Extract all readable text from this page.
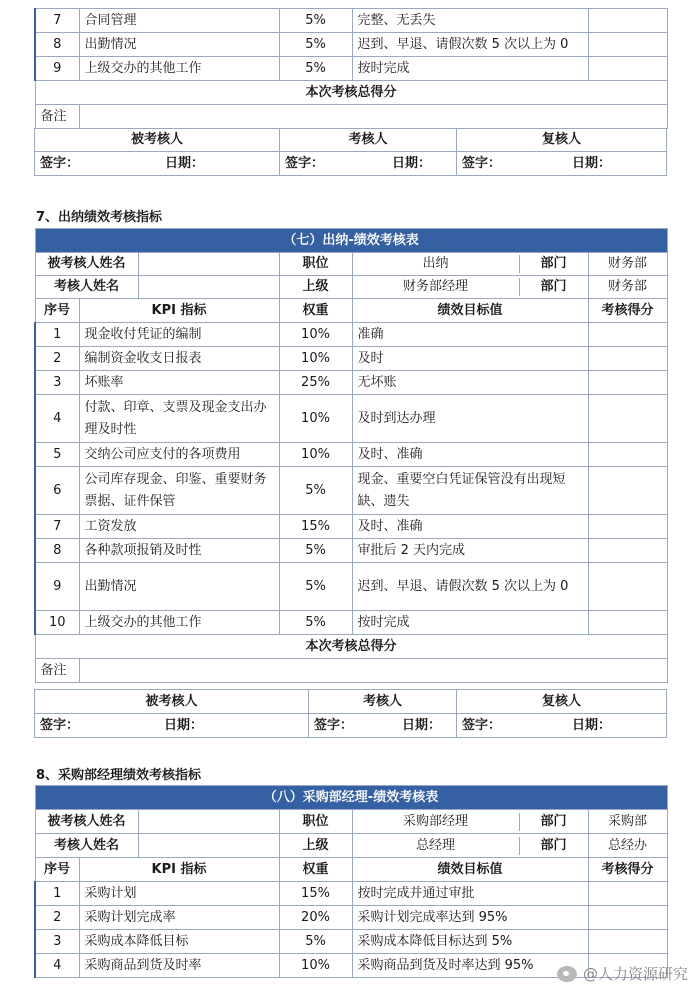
7	合同管理	5%	完整、无丢失	
8	出勤情况	5%	迟到、早退、请假次数 5 次以上为 0	
9	上级交办的其他工作	5%	按时完成	
本次考核总得分				
备注				
被考核人	考核人	复核人

签字： 日期：	签字： 日期：	签字： 日期：
7、出纳绩效考核指标
（七）出纳-绩效考核表					
被考核人姓名			职位	出纳 部门	财务部
考核人姓名			上级	财务部经理 部门	财务部
序号	KPI 指标		权重	绩效目标值	考核得分
1	现金收付凭证的编制		10%	准确	
2	编制资金收支日报表		10%	及时	
3	坏账率		25%	无坏账	
4	付款、印章、支票及现金支出办理及时性		10%	及时到达办理	
5	交纳公司应支付的各项费用		10%	及时、准确	
6	公司库存现金、印鉴、重要财务票据、证件保管		5%	现金、重要空白凭证保管没有出现短缺、遗失	
7	工资发放		15%	及时、准确	
8	各种款项报销及时性		5%	审批后 2 天内完成	
9	出勤情况		5%	迟到、早退、请假次数 5 次以上为 0	
10	上级交办的其他工作		5%	按时完成	
本次考核总得分					
备注					
被考核人	考核人	复核人

签字： 日期：	签字： 日期：	签字： 日期：
8、采购部经理绩效考核指标
（八）采购部经理-绩效考核表					
被考核人姓名			职位	采购部经理 部门	采购部
考核人姓名			上级	总经理 部门	总经办
序号	KPI 指标		权重	绩效目标值	考核得分
1	采购计划		15%	按时完成并通过审批	
2	采购计划完成率		20%	采购计划完成率达到 95%	
3	采购成本降低目标		5%	采购成本降低目标达到 5%	
4	采购商品到货及时率		10%	采购商品到货及时率达到 95%		@人力资源研究
